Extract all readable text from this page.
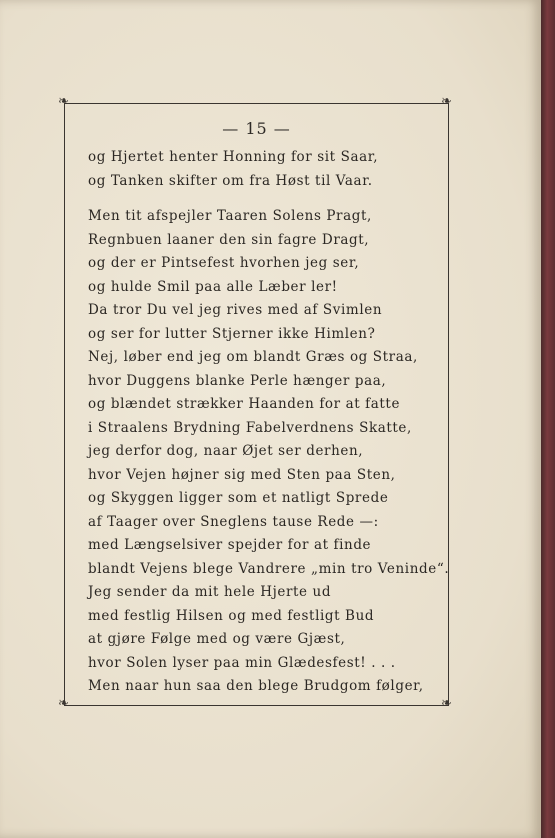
❧	❧
❧	❧
— 15 —
og Hjertet henter Honning for sit Saar,
og Tanken skifter om fra Høst til Vaar.
Men tit afspejler Taaren Solens Pragt,
Regnbuen laaner den sin fagre Dragt,
og der er Pintsefest hvorhen jeg ser,
og hulde Smil paa alle Læber ler!
Da tror Du vel jeg rives med af Svimlen
og ser for lutter Stjerner ikke Himlen?
Nej, løber end jeg om blandt Græs og Straa,
hvor Duggens blanke Perle hænger paa,
og blændet strækker Haanden for at fatte
i Straalens Brydning Fabelverdnens Skatte,
jeg derfor dog, naar Øjet ser derhen,
hvor Vejen højner sig med Sten paa Sten,
og Skyggen ligger som et natligt Sprede
af Taager over Sneglens tause Rede —:
med Længselsiver spejder for at finde
blandt Vejens blege Vandrere „min tro Veninde“.
Jeg sender da mit hele Hjerte ud
med festlig Hilsen og med festligt Bud
at gjøre Følge med og være Gjæst,
hvor Solen lyser paa min Glædesfest! . . .
Men naar hun saa den blege Brudgom følger,
